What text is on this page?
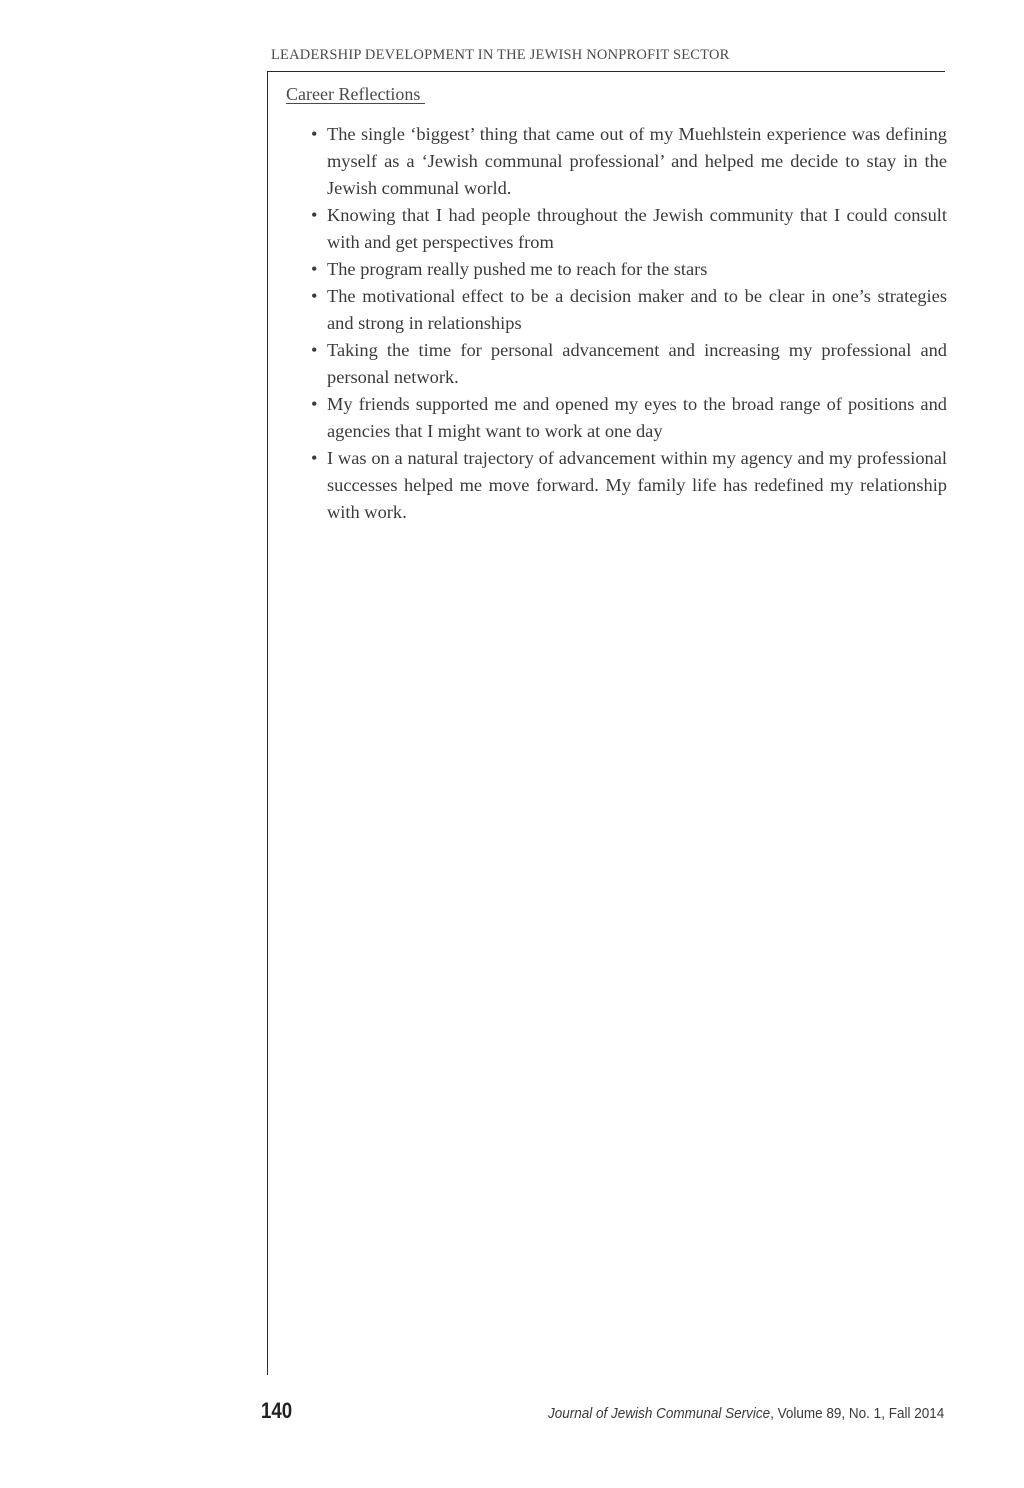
LEADERSHIP DEVELOPMENT IN THE JEWISH NONPROFIT SECTOR
Career Reflections
• The single ‘biggest’ thing that came out of my Muehlstein experience was defining myself as a ‘Jewish communal professional’ and helped me decide to stay in the Jewish communal world.
• Knowing that I had people throughout the Jewish community that I could consult with and get perspectives from
• The program really pushed me to reach for the stars
• The motivational effect to be a decision maker and to be clear in one’s strategies and strong in relationships
• Taking the time for personal advancement and increasing my professional and personal network.
• My friends supported me and opened my eyes to the broad range of positions and agencies that I might want to work at one day
• I was on a natural trajectory of advancement within my agency and my professional successes helped me move forward. My family life has redefined my relationship with work.
140	Journal of Jewish Communal Service, Volume 89, No. 1, Fall 2014
